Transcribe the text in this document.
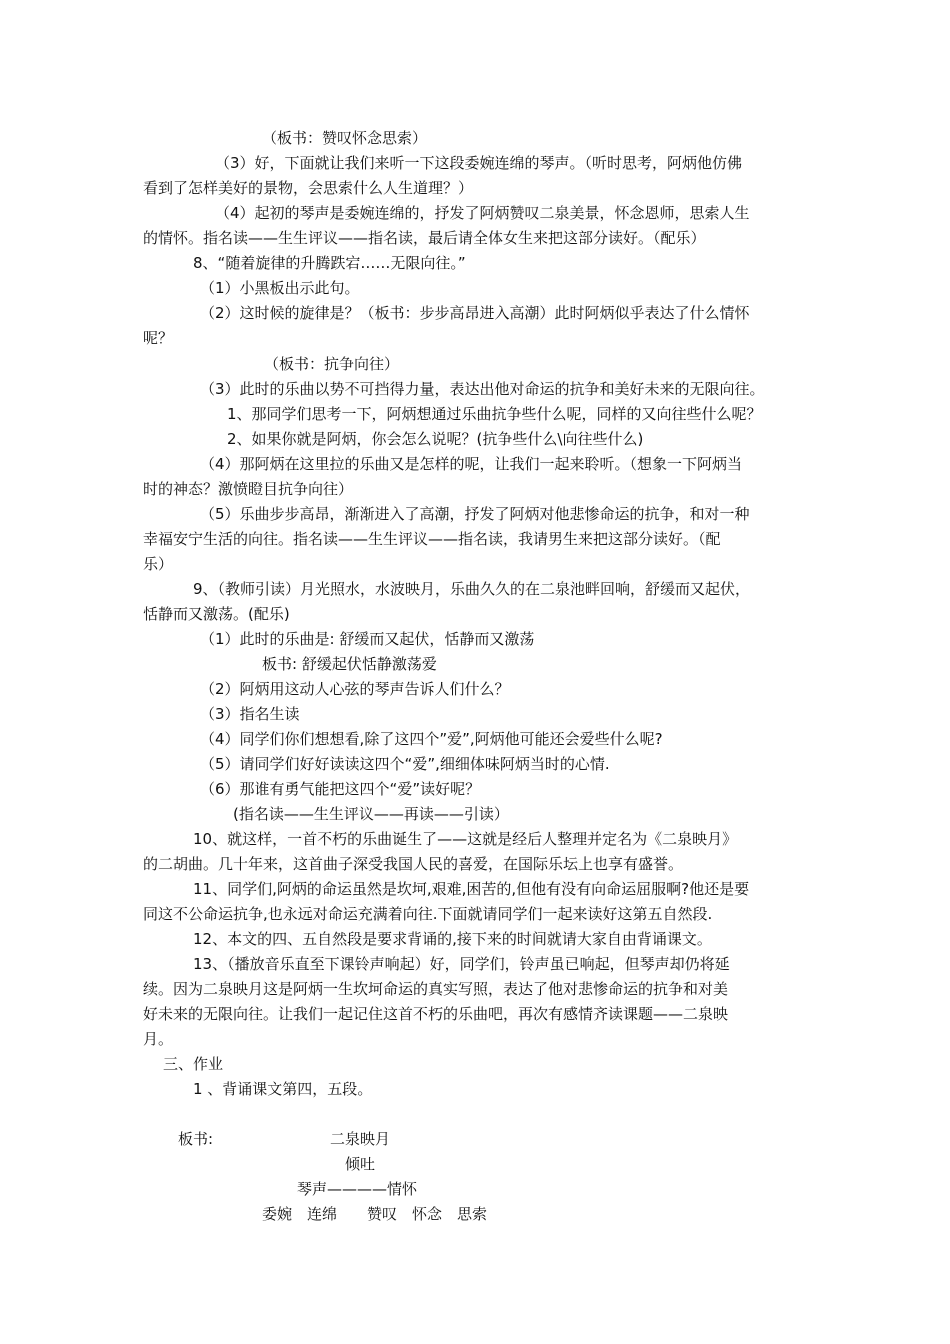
（板书：赞叹怀念思索）
（3）好，下面就让我们来听一下这段委婉连绵的琴声。（听时思考，阿炳他仿佛
看到了怎样美好的景物，会思索什么人生道理？）
（4）起初的琴声是委婉连绵的，抒发了阿炳赞叹二泉美景，怀念恩师，思索人生
的情怀。指名读——生生评议——指名读，最后请全体女生来把这部分读好。（配乐）
8、“随着旋律的升腾跌宕……无限向往。”
（1）小黑板出示此句。
（2）这时候的旋律是？（板书：步步高昂进入高潮）此时阿炳似乎表达了什么情怀
呢？
（板书：抗争向往）
（3）此时的乐曲以势不可挡得力量，表达出他对命运的抗争和美好未来的无限向往。
1、那同学们思考一下，阿炳想通过乐曲抗争些什么呢，同样的又向往些什么呢？
2、如果你就是阿炳，你会怎么说呢？(抗争些什么\向往些什么)
（4）那阿炳在这里拉的乐曲又是怎样的呢，让我们一起来聆听。（想象一下阿炳当
时的神态？激愤瞪目抗争向往）
（5）乐曲步步高昂，渐渐进入了高潮，抒发了阿炳对他悲惨命运的抗争，和对一种
幸福安宁生活的向往。指名读——生生评议——指名读，我请男生来把这部分读好。（配
乐）
9、（教师引读）月光照水，水波映月，乐曲久久的在二泉池畔回响，舒缓而又起伏，
恬静而又激荡。(配乐)
（1）此时的乐曲是: 舒缓而又起伏，恬静而又激荡
板书: 舒缓起伏恬静激荡爱
（2）阿炳用这动人心弦的琴声告诉人们什么？
（3）指名生读
（4）同学们你们想想看,除了这四个”爱”,阿炳他可能还会爱些什么呢?
（5）请同学们好好读读这四个“爱”,细细体味阿炳当时的心情.
（6）那谁有勇气能把这四个“爱”读好呢？
(指名读——生生评议——再读——引读）
10、就这样，一首不朽的乐曲诞生了——这就是经后人整理并定名为《二泉映月》
的二胡曲。几十年来，这首曲子深受我国人民的喜爱，在国际乐坛上也享有盛誉。
11、同学们,阿炳的命运虽然是坎坷,艰难,困苦的,但他有没有向命运屈服啊?他还是要
同这不公命运抗争,也永远对命运充满着向往.下面就请同学们一起来读好这第五自然段.
12、本文的四、五自然段是要求背诵的,接下来的时间就请大家自由背诵课文。
13、（播放音乐直至下课铃声响起）好，同学们，铃声虽已响起，但琴声却仍将延
续。因为二泉映月这是阿炳一生坎坷命运的真实写照，表达了他对悲惨命运的抗争和对美
好未来的无限向往。让我们一起记住这首不朽的乐曲吧，再次有感情齐读课题——二泉映
月。
三、作业
1 、背诵课文第四，五段。
板书:	二泉映月
倾吐
琴声————情怀
委婉　连绵　　赞叹　怀念　思索
